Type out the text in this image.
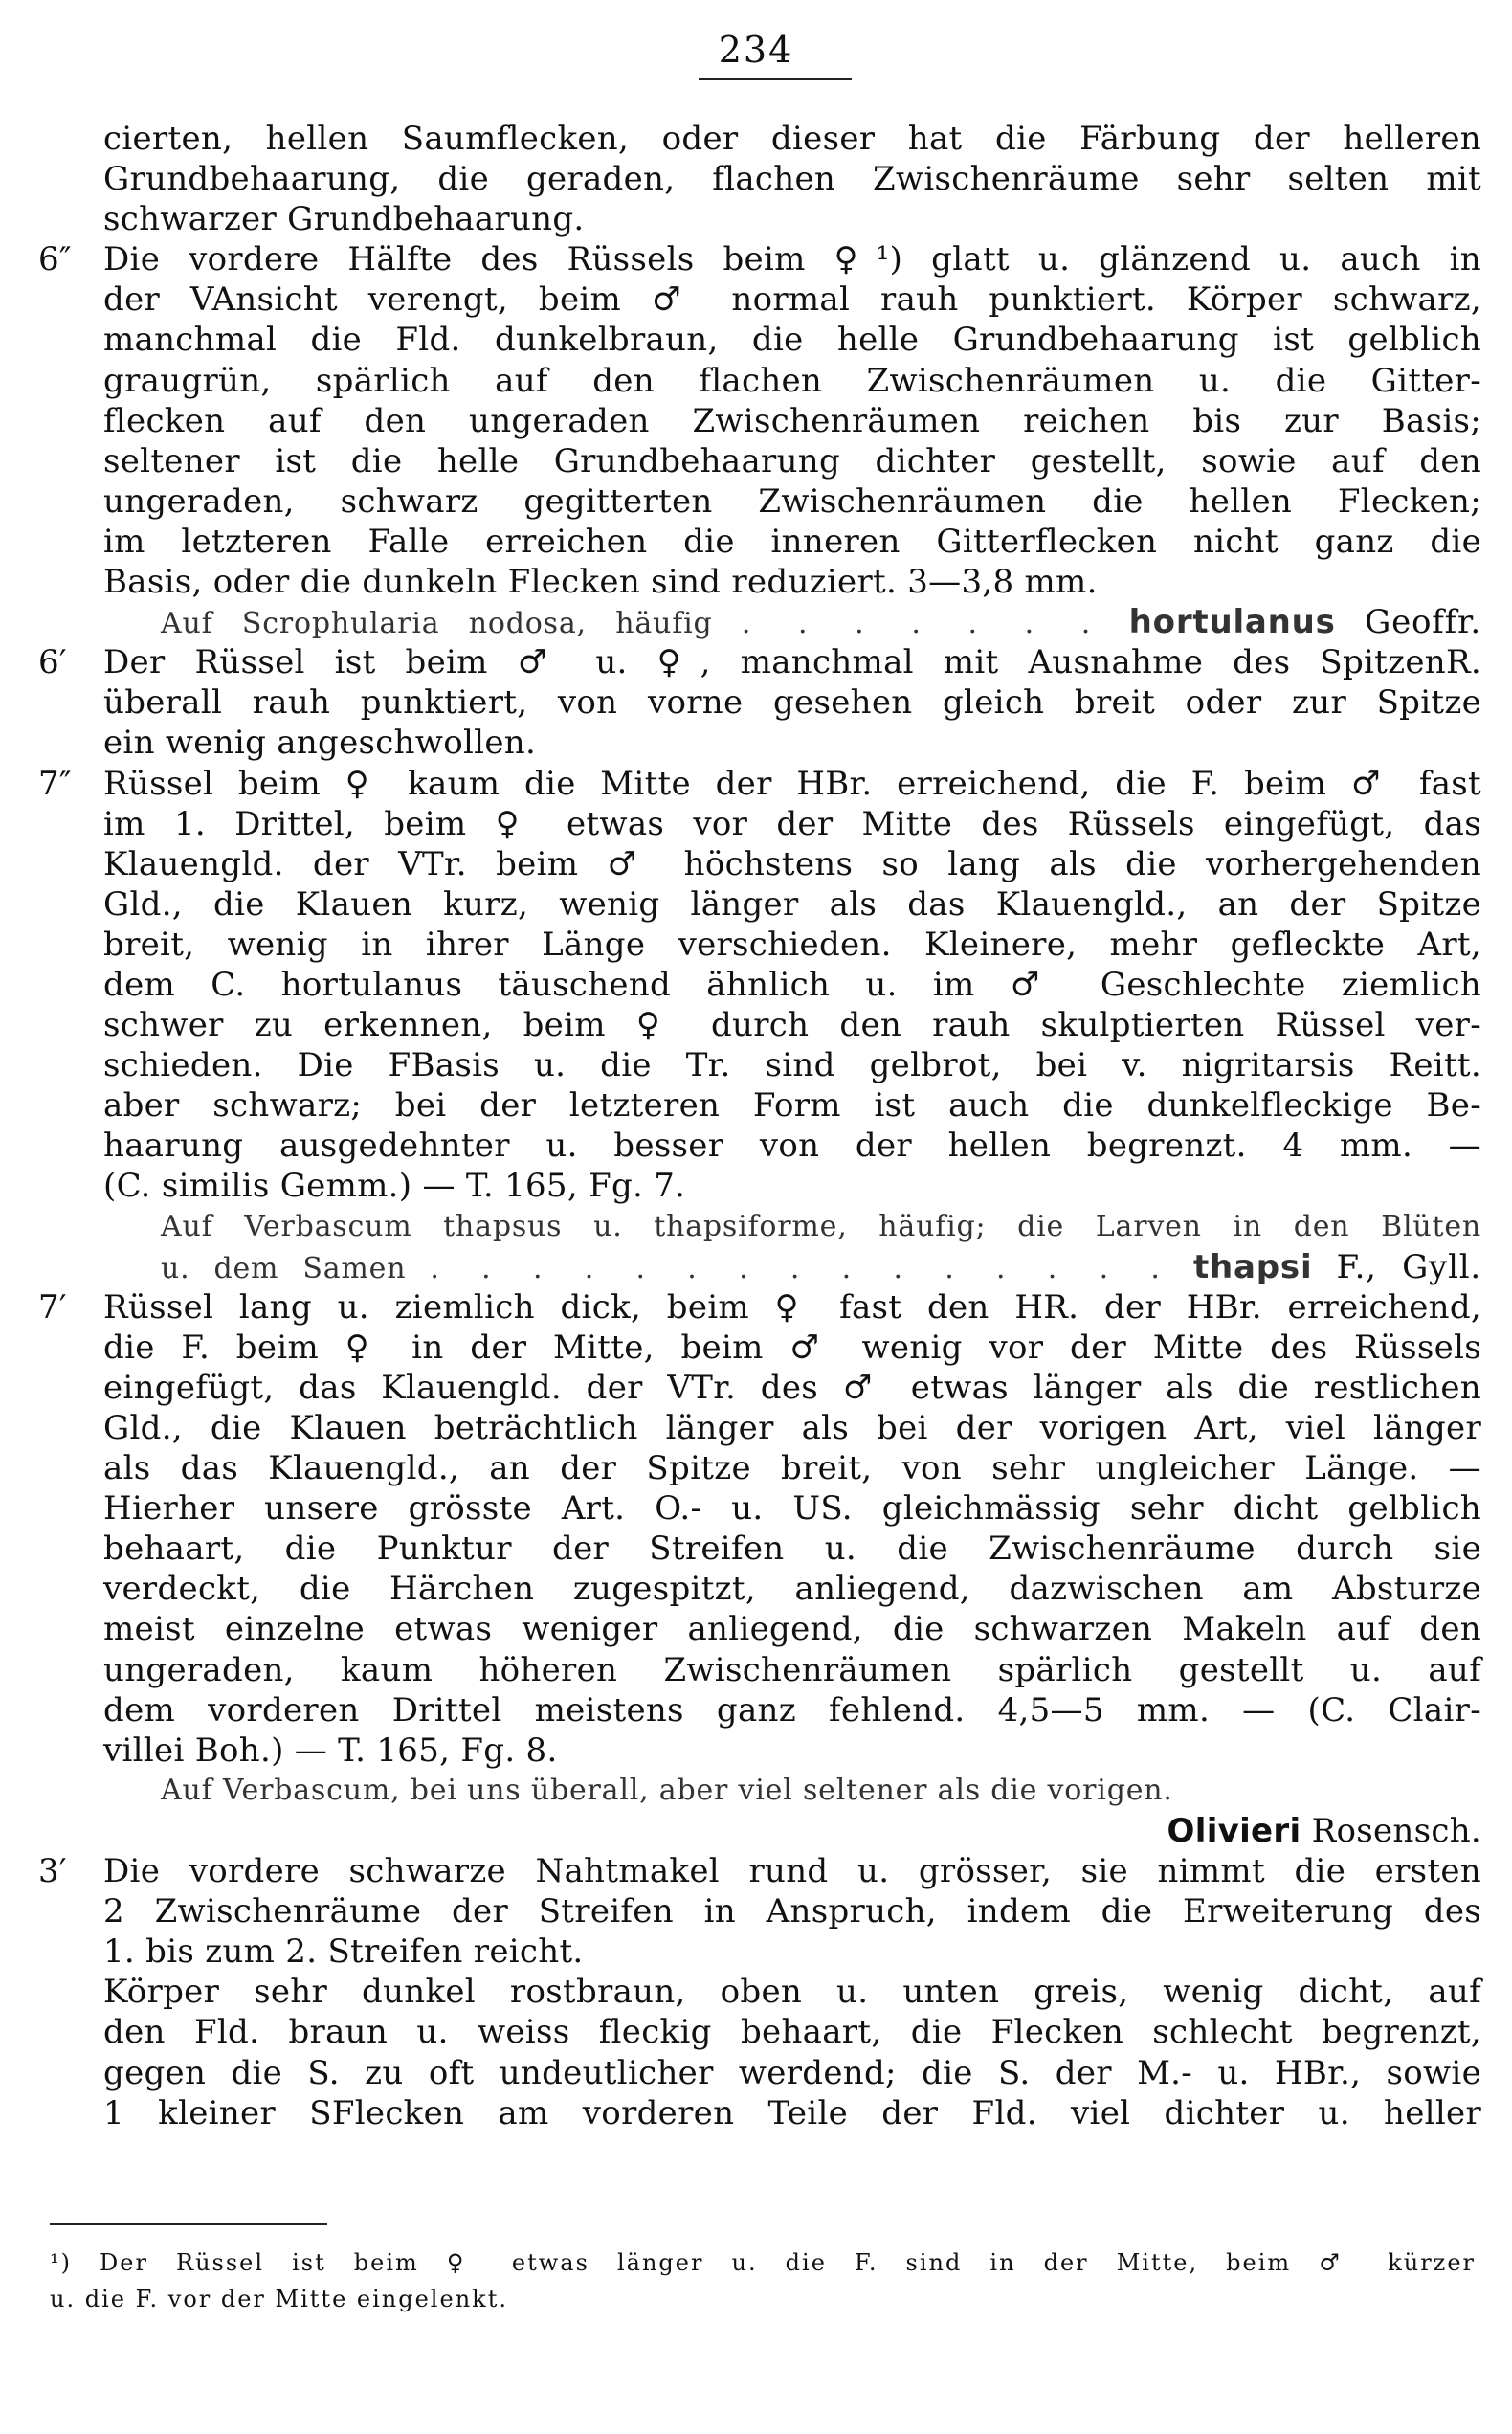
234
cierten, hellen Saumflecken, oder dieser hat die Färbung der helleren
Grundbehaarung, die geraden, flachen Zwischenräume sehr selten mit
schwarzer Grundbehaarung.
6″ Die vordere Hälfte des Rüssels beim ♀¹) glatt u. glänzend u. auch in
der VAnsicht verengt, beim ♂ normal rauh punktiert. Körper schwarz,
manchmal die Fld. dunkelbraun, die helle Grundbehaarung ist gelblich
graugrün, spärlich auf den flachen Zwischenräumen u. die Gitter-
flecken auf den ungeraden Zwischenräumen reichen bis zur Basis;
seltener ist die helle Grundbehaarung dichter gestellt, sowie auf den
ungeraden, schwarz gegitterten Zwischenräumen die hellen Flecken;
im letzteren Falle erreichen die inneren Gitterflecken nicht ganz die
Basis, oder die dunkeln Flecken sind reduziert. 3—3,8 mm.
Auf Scrophularia nodosa, häufig . . . . . . . hortulanus Geoffr.
6′	Der Rüssel ist beim ♂ u. ♀, manchmal mit Ausnahme des SpitzenR.
überall rauh punktiert, von vorne gesehen gleich breit oder zur Spitze
ein wenig angeschwollen.
7″ Rüssel beim ♀ kaum die Mitte der HBr. erreichend, die F. beim ♂ fast
im 1. Drittel, beim ♀ etwas vor der Mitte des Rüssels eingefügt, das
Klauengld. der VTr. beim ♂ höchstens so lang als die vorhergehenden
Gld., die Klauen kurz, wenig länger als das Klauengld., an der Spitze
breit, wenig in ihrer Länge verschieden. Kleinere, mehr gefleckte Art,
dem C. hortulanus täuschend ähnlich u. im ♂ Geschlechte ziemlich
schwer zu erkennen, beim ♀ durch den rauh skulptierten Rüssel ver-
schieden. Die FBasis u. die Tr. sind gelbrot, bei v. nigritarsis Reitt.
aber schwarz; bei der letzteren Form ist auch die dunkelfleckige Be-
haarung ausgedehnter u. besser von der hellen begrenzt. 4 mm. —
(C. similis Gemm.) — T. 165, Fg. 7.
Auf Verbascum thapsus u. thapsiforme, häufig; die Larven in den Blüten
u. dem Samen . . . . . . . . . . . . . . . thapsi F., Gyll.
7′	Rüssel lang u. ziemlich dick, beim ♀ fast den HR. der HBr. erreichend,
die F. beim ♀ in der Mitte, beim ♂ wenig vor der Mitte des Rüssels
eingefügt, das Klauengld. der VTr. des ♂ etwas länger als die restlichen
Gld., die Klauen beträchtlich länger als bei der vorigen Art, viel länger
als das Klauengld., an der Spitze breit, von sehr ungleicher Länge. —
Hierher unsere grösste Art. O.- u. US. gleichmässig sehr dicht gelblich
behaart, die Punktur der Streifen u. die Zwischenräume durch sie
verdeckt, die Härchen zugespitzt, anliegend, dazwischen am Absturze
meist einzelne etwas weniger anliegend, die schwarzen Makeln auf den
ungeraden, kaum höheren Zwischenräumen spärlich gestellt u. auf
dem vorderen Drittel meistens ganz fehlend. 4,5—5 mm. — (C. Clair-
villei Boh.) — T. 165, Fg. 8.
Auf Verbascum, bei uns überall, aber viel seltener als die vorigen.
Olivieri Rosensch.
3′	Die vordere schwarze Nahtmakel rund u. grösser, sie nimmt die ersten
2 Zwischenräume der Streifen in Anspruch, indem die Erweiterung des
1. bis zum 2. Streifen reicht.
Körper sehr dunkel rostbraun, oben u. unten greis, wenig dicht, auf
den Fld. braun u. weiss fleckig behaart, die Flecken schlecht begrenzt,
gegen die S. zu oft undeutlicher werdend; die S. der M.- u. HBr., sowie
1 kleiner SFlecken am vorderen Teile der Fld. viel dichter u. heller
¹) Der Rüssel ist beim ♀ etwas länger u. die F. sind in der Mitte, beim ♂ kürzer
u. die F. vor der Mitte eingelenkt.
